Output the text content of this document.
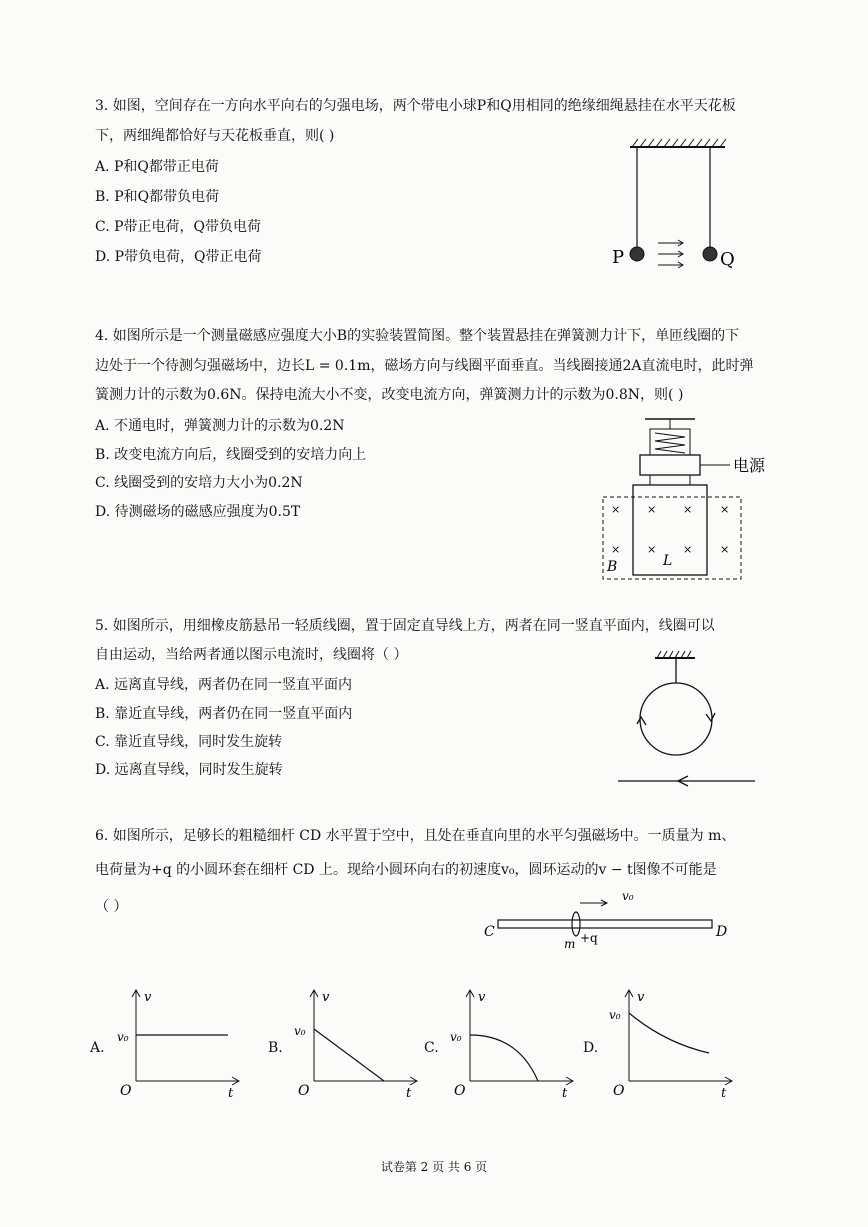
3. 如图，空间存在一方向水平向右的匀强电场，两个带电小球P和Q用相同的绝缘细绳悬挂在水平天花板
下，两细绳都恰好与天花板垂直，则( )
A. P和Q都带正电荷
B. P和Q都带负电荷
C. P带正电荷，Q带负电荷
D. P带负电荷，Q带正电荷	P	Q
4. 如图所示是一个测量磁感应强度大小B的实验装置简图。整个装置悬挂在弹簧测力计下，单匝线圈的下
边处于一个待测匀强磁场中，边长L = 0.1m，磁场方向与线圈平面垂直。当线圈接通2A直流电时，此时弹
簧测力计的示数为0.6N。保持电流大小不变，改变电流方向，弹簧测力计的示数为0.8N，则( )
A. 不通电时，弹簧测力计的示数为0.2N
B. 改变电流方向后，线圈受到的安培力向上
C. 线圈受到的安培力大小为0.2N
D. 待测磁场的磁感应强度为0.5T
电源
× × ×	×
× × ×	×
B	L
5. 如图所示，用细橡皮筋悬吊一轻质线圈，置于固定直导线上方，两者在同一竖直平面内，线圈可以
自由运动，当给两者通以图示电流时，线圈将（ ）
A. 远离直导线，两者仍在同一竖直平面内
B. 靠近直导线，两者仍在同一竖直平面内
C. 靠近直导线，同时发生旋转
D. 远离直导线，同时发生旋转
6. 如图所示，足够长的粗糙细杆 CD 水平置于空中，且处在垂直向里的水平匀强磁场中。一质量为 m、
电荷量为+q 的小圆环套在细杆 CD 上。现给小圆环向右的初速度v₀，圆环运动的v − t图像不可能是
（ ）
v₀
C	D
m +q
A.
v
v₀
O	t
B.
v
v₀
O	t
C.
v
v₀
O	t
D.
v
v₀
O	t
试卷第 2 页 共 6 页
